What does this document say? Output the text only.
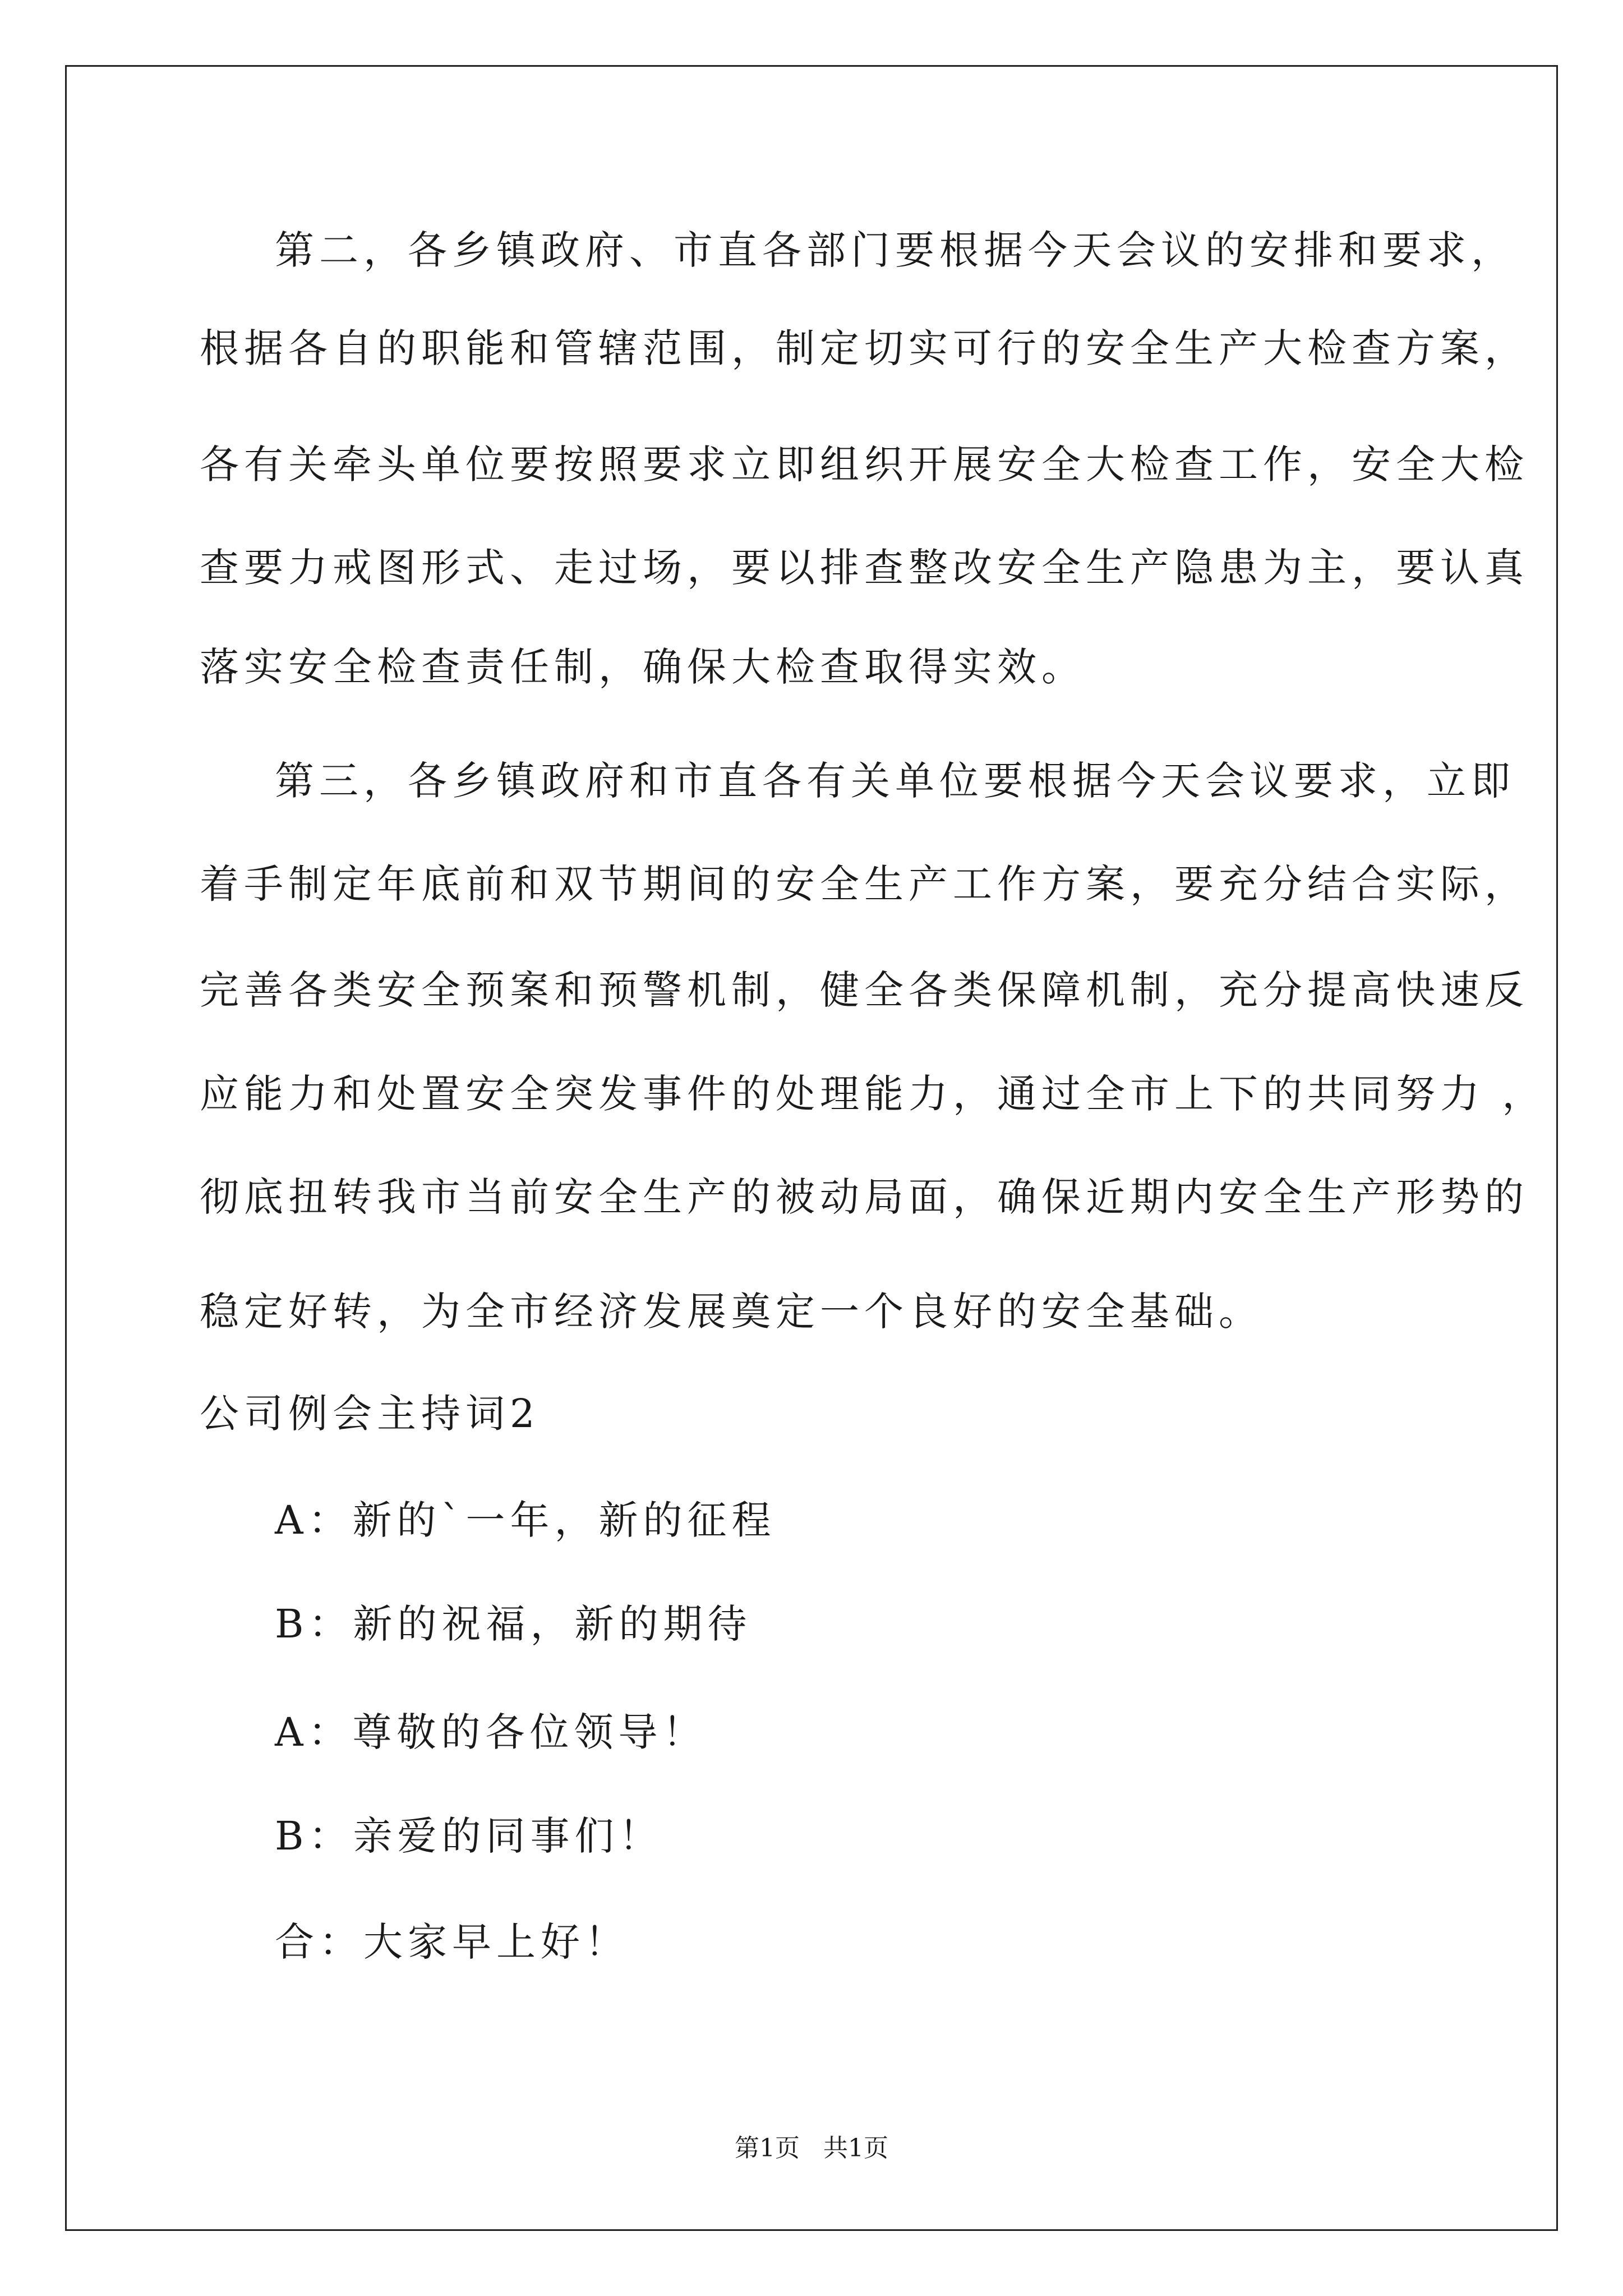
第二，各乡镇政府、市直各部门要根据今天会议的安排和要求，
根据各自的职能和管辖范围，制定切实可行的安全生产大检查方案，
各有关牵头单位要按照要求立即组织开展安全大检查工作，安全大检
查要力戒图形式、走过场，要以排查整改安全生产隐患为主，要认真
落实安全检查责任制，确保大检查取得实效。
第三，各乡镇政府和市直各有关单位要根据今天会议要求，立即
着手制定年底前和双节期间的安全生产工作方案，要充分结合实际，
完善各类安全预案和预警机制，健全各类保障机制，充分提高快速反
应能力和处置安全突发事件的处理能力，通过全市上下的共同努力 ，
彻底扭转我市当前安全生产的被动局面，确保近期内安全生产形势的
稳定好转，为全市经济发展奠定一个良好的安全基础。
公司例会主持词2
A：新的`一年，新的征程
B：新的祝福，新的期待
A：尊敬的各位领导！
B：亲爱的同事们！
合：大家早上好！
第1页   共1页
